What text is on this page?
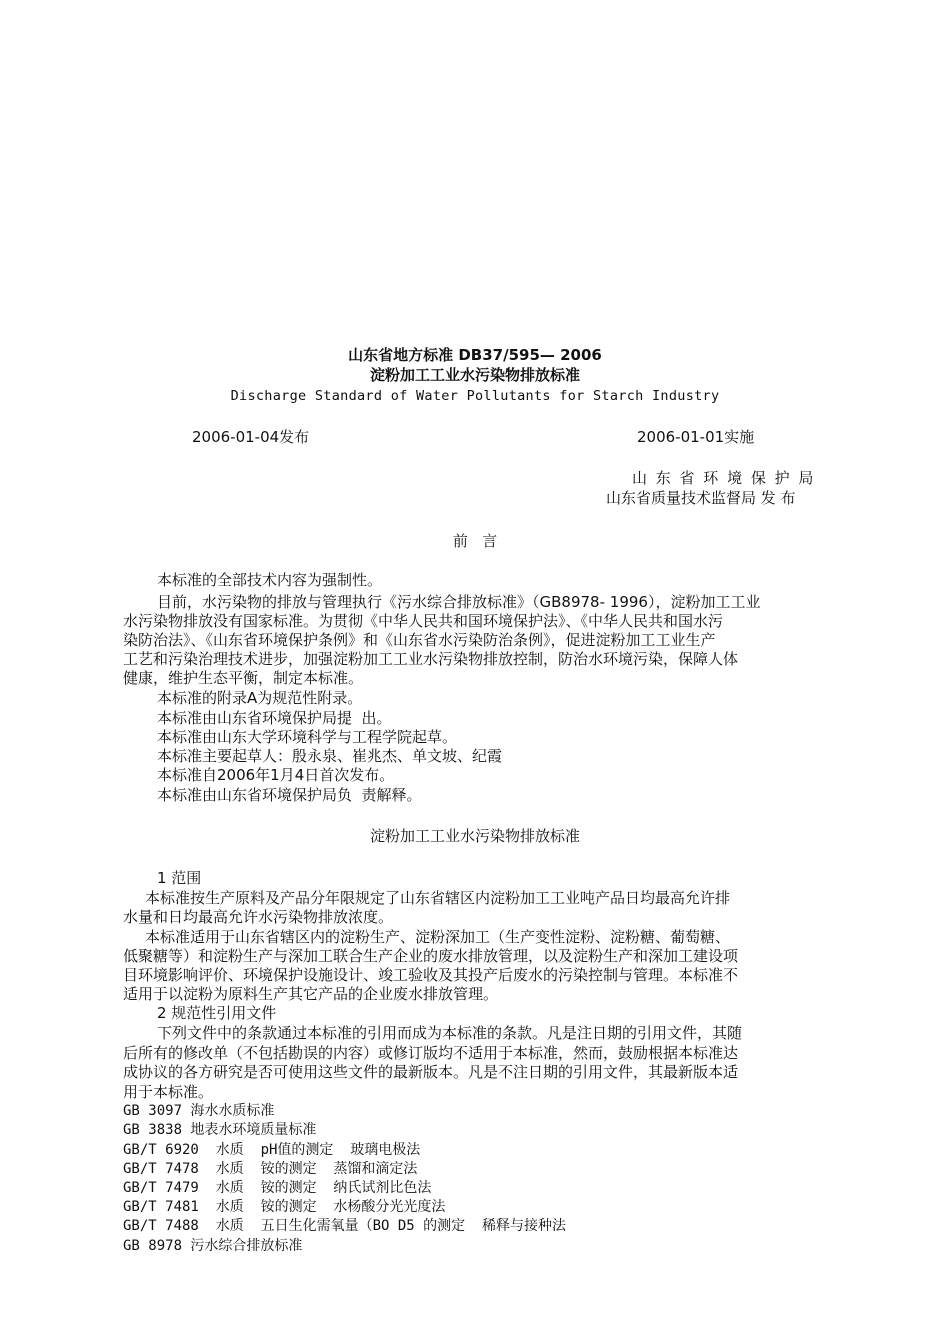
山东省地方标准 DB37/595— 2006
淀粉加工工业水污染物排放标准
Discharge Standard of Water Pollutants for Starch Industry
2006-01-04发布	2006-01-01实施
山 东 省 环 境 保 护 局
山东省质量技术监督局 发 布
前   言
本标准的全部技术内容为强制性。
目前，水污染物的排放与管理执行《污水综合排放标准》（GB8978- 1996），淀粉加工工业
水污染物排放没有国家标准。为贯彻《中华人民共和国环境保护法》、《中华人民共和国水污
染防治法》、《山东省环境保护条例》和《山东省水污染防治条例》，促进淀粉加工工业生产
工艺和污染治理技术进步，加强淀粉加工工业水污染物排放控制，防治水环境污染，保障人体
健康，维护生态平衡，制定本标准。
本标准的附录A为规范性附录。
本标准由山东省环境保护局提  出。
本标准由山东大学环境科学与工程学院起草。
本标准主要起草人：殷永泉、崔兆杰、单文坡、纪霞
本标准自2006年1月4日首次发布。
本标准由山东省环境保护局负  责解释。
淀粉加工工业水污染物排放标准
1 范围
本标准按生产原料及产品分年限规定了山东省辖区内淀粉加工工业吨产品日均最高允许排
水量和日均最高允许水污染物排放浓度。
本标准适用于山东省辖区内的淀粉生产、淀粉深加工（生产变性淀粉、淀粉糖、葡萄糖、
低聚糖等）和淀粉生产与深加工联合生产企业的废水排放管理，以及淀粉生产和深加工建设项
目环境影响评价、环境保护设施设计、竣工验收及其投产后废水的污染控制与管理。本标准不
适用于以淀粉为原料生产其它产品的企业废水排放管理。
2 规范性引用文件
下列文件中的条款通过本标准的引用而成为本标准的条款。凡是注日期的引用文件，其随
后所有的修改单（不包括勘误的内容）或修订版均不适用于本标准，然而，鼓励根据本标准达
成协议的各方研究是否可使用这些文件的最新版本。凡是不注日期的引用文件，其最新版本适
用于本标准。
GB 3097 海水水质标准
GB 3838 地表水环境质量标准
GB/T 6920  水质  pH值的测定  玻璃电极法
GB/T 7478  水质  铵的测定  蒸馏和滴定法
GB/T 7479  水质  铵的测定  纳氏试剂比色法
GB/T 7481  水质  铵的测定  水杨酸分光光度法
GB/T 7488  水质  五日生化需氧量（BO D5 的测定  稀释与接种法
GB 8978 污水综合排放标准
